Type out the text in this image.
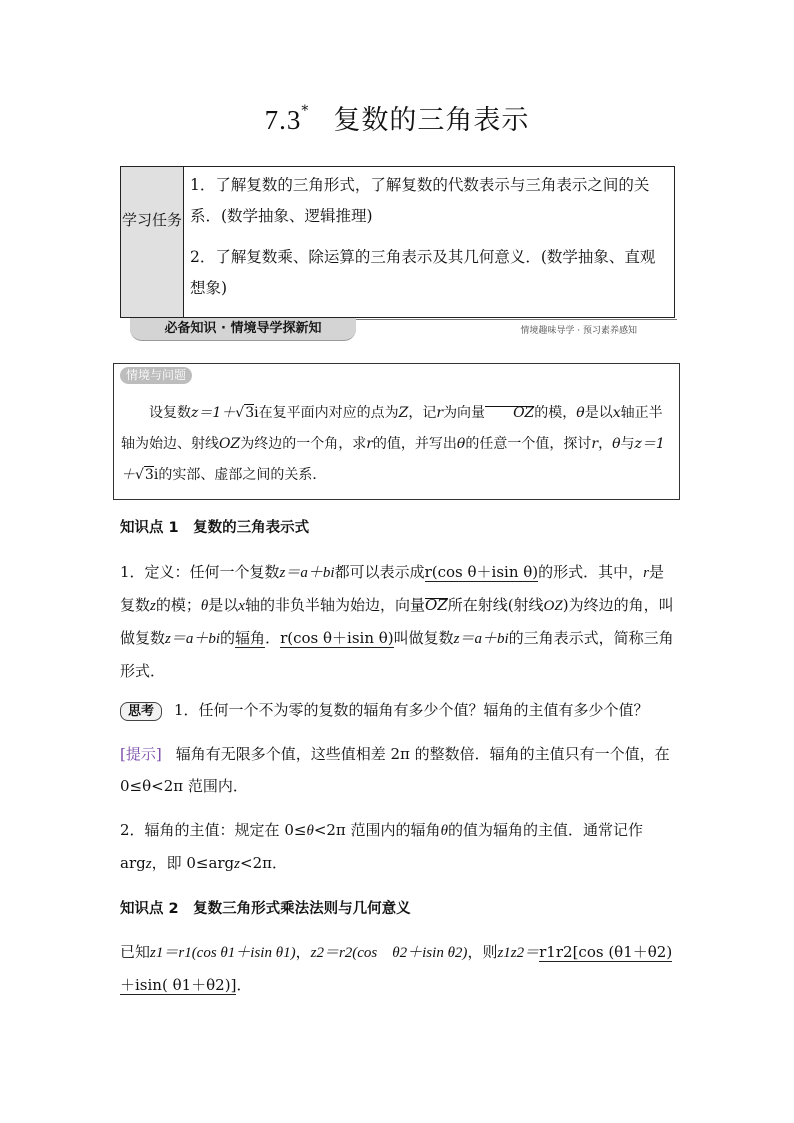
7.3* 复数的三角表示
学习任务

1．了解复数的三角形式，了解复数的代数表示与三角表示之间的关系．(数学抽象、逻辑推理)

2．了解复数乘、除运算的三角表示及其几何意义．(数学抽象、直观想象)

必备知识 · 情境导学探新知	情境趣味导学 · 预习素养感知
情境与问题
设复数z＝1＋√3i在复平面内对应的点为Z，记r为向量 OZ的模，θ是以x轴正半轴为始边、射线OZ为终边的一个角，求r的值，并写出θ的任意一个值，探讨r，θ与z＝1＋√3i的实部、虚部之间的关系．
知识点 1　复数的三角表示式
1．定义：任何一个复数z＝a＋bi都可以表示成r(cos θ＋isin θ)的形式．其中，r是复数z的模；θ是以x轴的非负半轴为始边，向量OZ所在射线(射线OZ)为终边的角，叫做复数z＝a＋bi的辐角．r(cos θ＋isin θ)叫做复数z＝a＋bi的三角表示式，简称三角形式．
思考 1．任何一个不为零的复数的辐角有多少个值？辐角的主值有多少个值？
[提示] 辐角有无限多个值，这些值相差 2π 的整数倍．辐角的主值只有一个值，在 0≤θ<2π 范围内．
2．辐角的主值：规定在 0≤θ<2π 范围内的辐角θ的值为辐角的主值．通常记作 argz，即 0≤argz<2π．
知识点 2　复数三角形式乘法法则与几何意义
已知z1＝r1(cos θ1＋isin θ1)，z2＝r2(cos　θ2＋isin θ2)，则z1z2＝r1r2[cos (θ1＋θ2)＋isin( θ1＋θ2)]．
